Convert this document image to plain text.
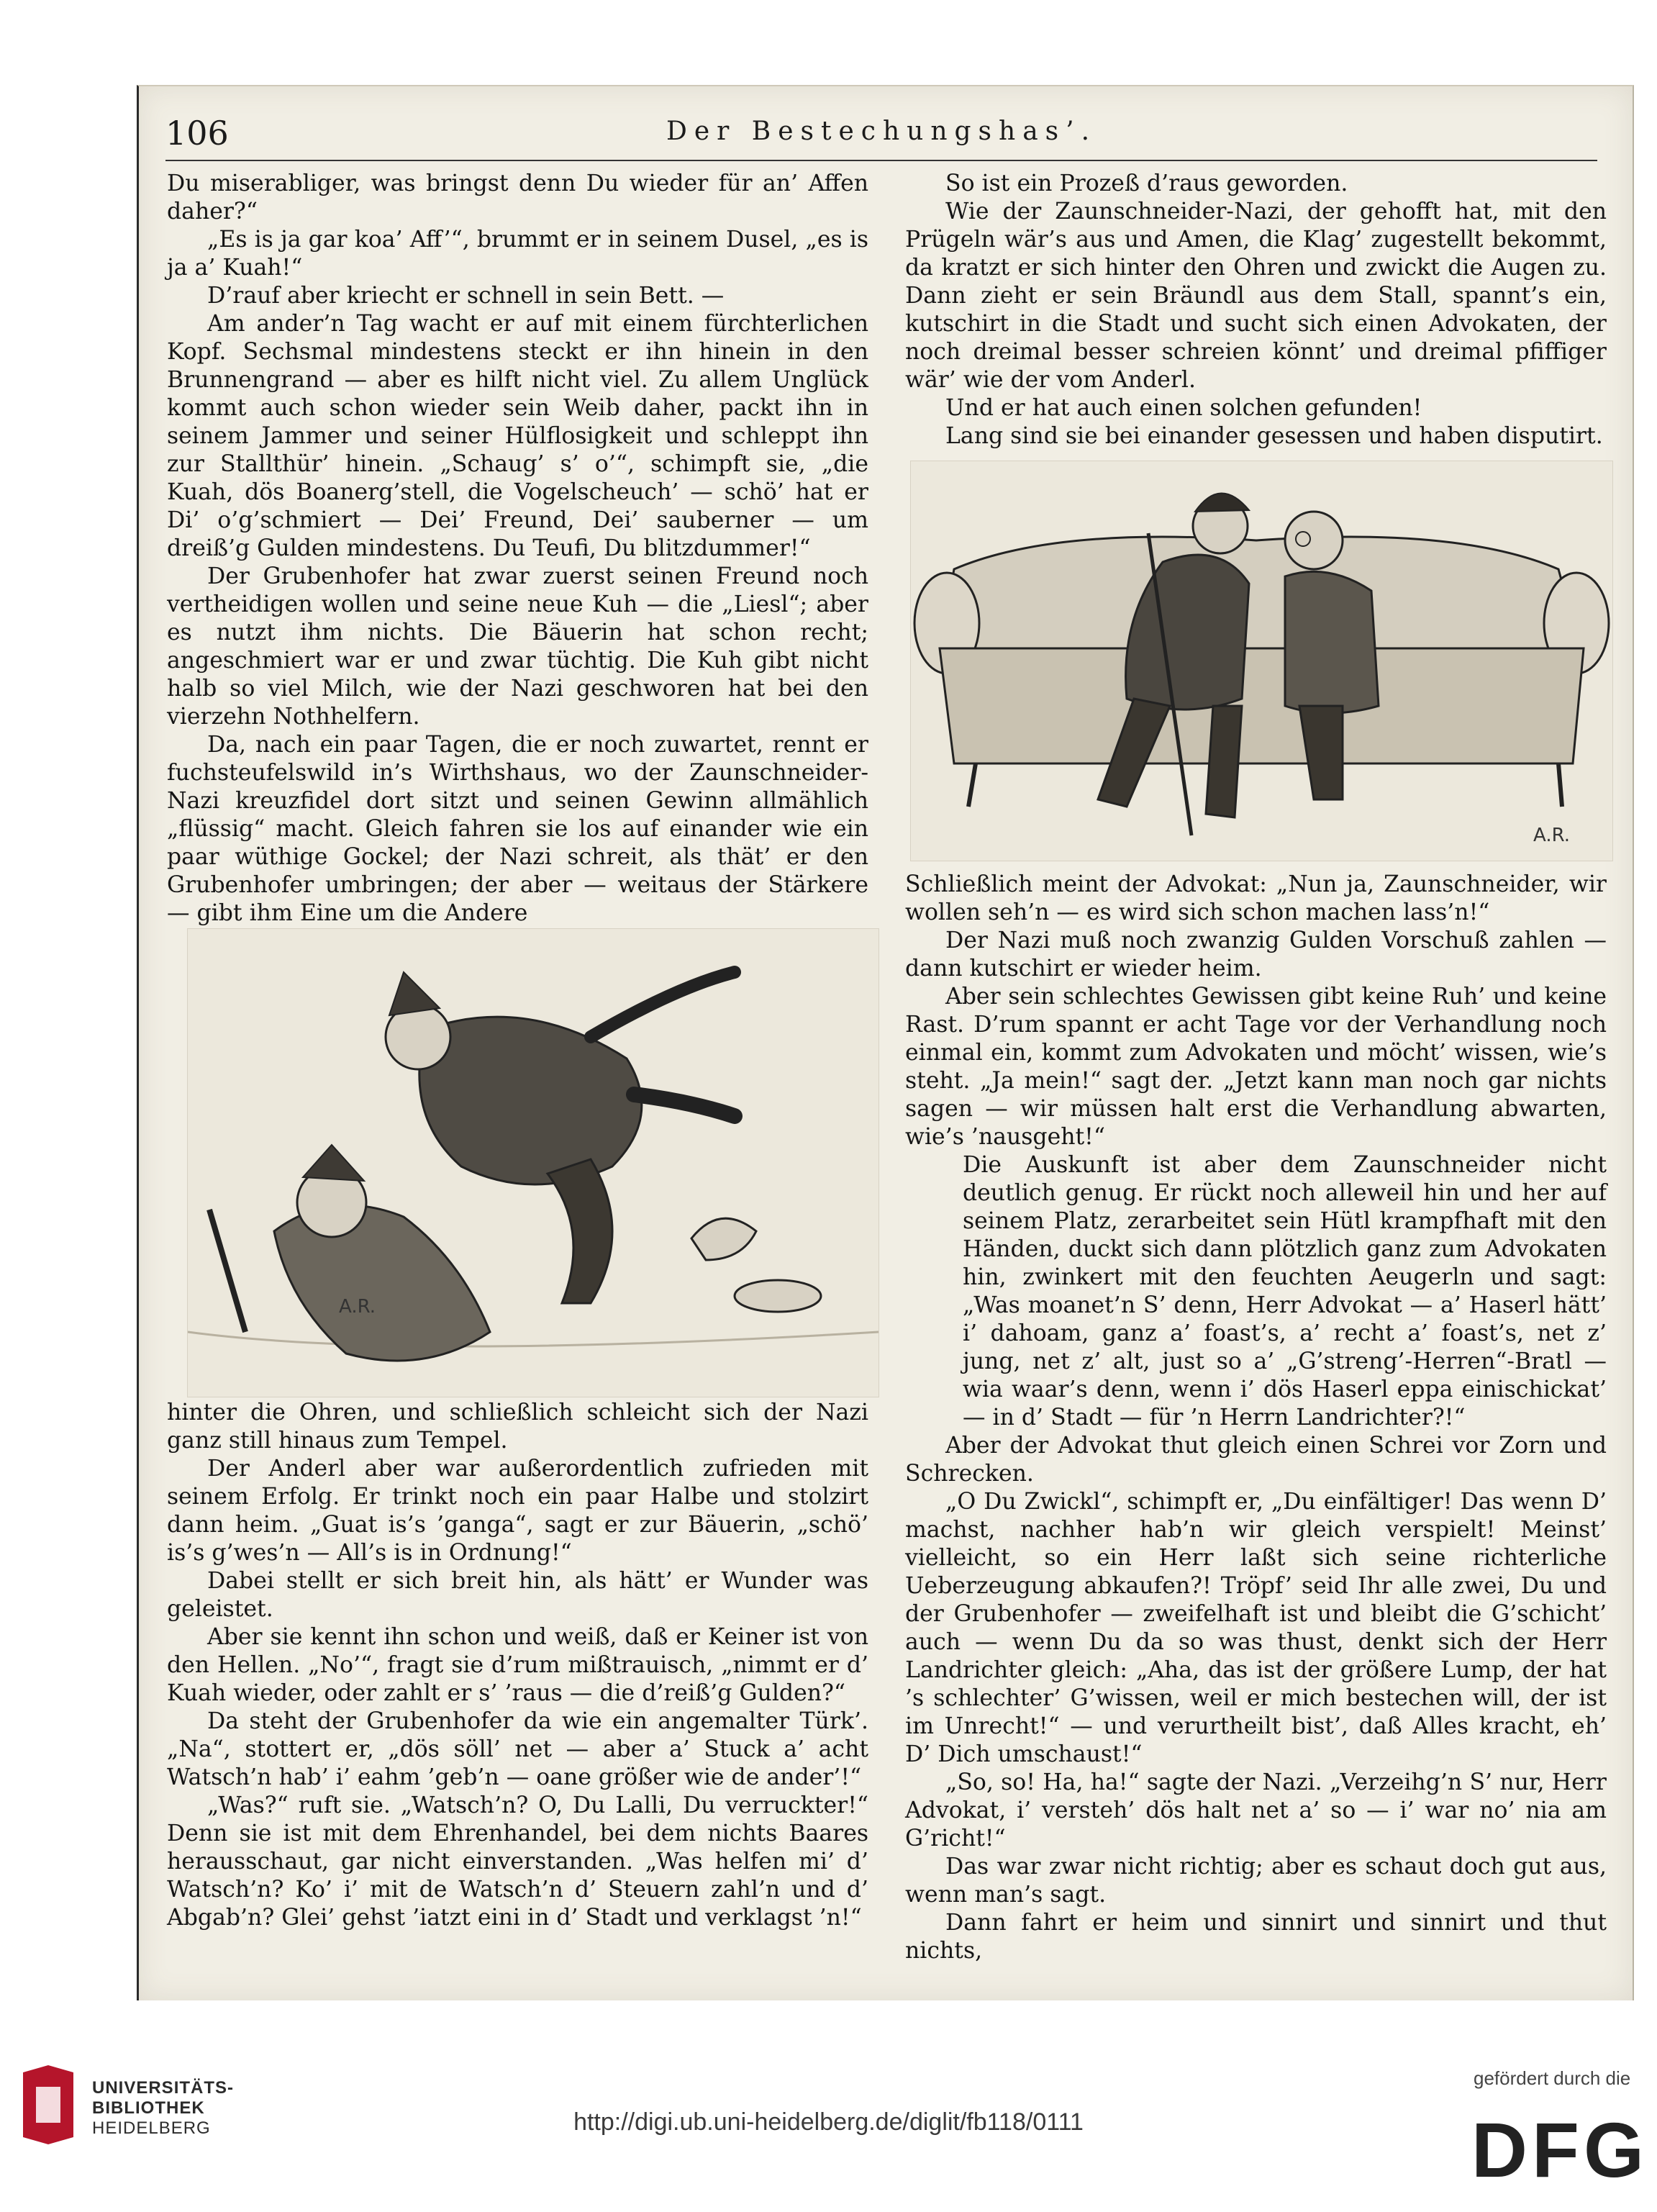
106	Der Bestechungshas’.

Du miserabliger, was bringst denn Du wieder für an’ Affen daher?“

„Es is ja gar koa’ Aff’“, brummt er in seinem Dusel, „es is ja a’ Kuah!“

D’rauf aber kriecht er schnell in sein Bett. —

Am ander’n Tag wacht er auf mit einem fürchterlichen Kopf. Sechsmal mindestens steckt er ihn hinein in den Brunnengrand — aber es hilft nicht viel. Zu allem Unglück kommt auch schon wieder sein Weib daher, packt ihn in seinem Jammer und seiner Hülflosigkeit und schleppt ihn zur Stallthür’ hinein. „Schaug’ s’ o’“, schimpft sie, „die Kuah, dös Boanerg’stell, die Vogelscheuch’ — schö’ hat er Di’ o’g’schmiert — Dei’ Freund, Dei’ sauberner — um dreiß’g Gulden mindestens. Du Teufi, Du blitzdummer!“

Der Grubenhofer hat zwar zuerst seinen Freund noch vertheidigen wollen und seine neue Kuh — die „Liesl“; aber es nutzt ihm nichts. Die Bäuerin hat schon recht; angeschmiert war er und zwar tüchtig. Die Kuh gibt nicht halb so viel Milch, wie der Nazi geschworen hat bei den vierzehn Nothhelfern.

Da, nach ein paar Tagen, die er noch zuwartet, rennt er fuchsteufelswild in’s Wirthshaus, wo der Zaunschneider-Nazi kreuzfidel dort sitzt und seinen Gewinn allmählich „flüssig“ macht. Gleich fahren sie los auf einander wie ein paar wüthige Gockel; der Nazi schreit, als thät’ er den Grubenhofer umbringen; der aber — weitaus der Stärkere — gibt ihm Eine um die Andere

A.R.

hinter die Ohren, und schließlich schleicht sich der Nazi ganz still hinaus zum Tempel.

Der Anderl aber war außerordentlich zufrieden mit seinem Erfolg. Er trinkt noch ein paar Halbe und stolzirt dann heim. „Guat is’s ’ganga“, sagt er zur Bäuerin, „schö’ is’s g’wes’n — All’s is in Ordnung!“

Dabei stellt er sich breit hin, als hätt’ er Wunder was geleistet.

Aber sie kennt ihn schon und weiß, daß er Keiner ist von den Hellen. „No’“, fragt sie d’rum mißtrauisch, „nimmt er d’ Kuah wieder, oder zahlt er s’ ’raus — die d’reiß’g Gulden?“

Da steht der Grubenhofer da wie ein angemalter Türk’. „Na“, stottert er, „dös söll’ net — aber a’ Stuck a’ acht Watsch’n hab’ i’ eahm ’geb’n — oane größer wie de ander’!“

„Was?“ ruft sie. „Watsch’n? O, Du Lalli, Du verruckter!“ Denn sie ist mit dem Ehrenhandel, bei dem nichts Baares herausschaut, gar nicht einverstanden. „Was helfen mi’ d’ Watsch’n? Ko’ i’ mit de Watsch’n d’ Steuern zahl’n und d’ Abgab’n? Glei’ gehst ’iatzt eini in d’ Stadt und verklagst ’n!“

So ist ein Prozeß d’raus geworden.

Wie der Zaunschneider-Nazi, der gehofft hat, mit den Prügeln wär’s aus und Amen, die Klag’ zugestellt bekommt, da kratzt er sich hinter den Ohren und zwickt die Augen zu. Dann zieht er sein Bräundl aus dem Stall, spannt’s ein, kutschirt in die Stadt und sucht sich einen Advokaten, der noch dreimal besser schreien könnt’ und dreimal pfiffiger wär’ wie der vom Anderl.

Und er hat auch einen solchen gefunden!

Lang sind sie bei einander gesessen und haben disputirt.

A.R.

Schließlich meint der Advokat: „Nun ja, Zaunschneider, wir wollen seh’n — es wird sich schon machen lass’n!“

Der Nazi muß noch zwanzig Gulden Vorschuß zahlen — dann kutschirt er wieder heim.

Aber sein schlechtes Gewissen gibt keine Ruh’ und keine Rast. D’rum spannt er acht Tage vor der Verhandlung noch einmal ein, kommt zum Advokaten und möcht’ wissen, wie’s steht. „Ja mein!“ sagt der. „Jetzt kann man noch gar nichts sagen — wir müssen halt erst die Verhandlung abwarten, wie’s ’nausgeht!“

Die Auskunft ist aber dem Zaunschneider nicht deutlich genug. Er rückt noch alleweil hin und her auf seinem Platz, zerarbeitet sein Hütl krampfhaft mit den Händen, duckt sich dann plötzlich ganz zum Advokaten hin, zwinkert mit den feuchten Aeugerln und sagt: „Was moanet’n S’ denn, Herr Advokat — a’ Haserl hätt’ i’ dahoam, ganz a’ foast’s, a’ recht a’ foast’s, net z’ jung, net z’ alt, just so a’ „G’streng’-Herren“-Bratl — wia waar’s denn, wenn i’ dös Haserl eppa einischickat’ — in d’ Stadt — für ’n Herrn Landrichter?!“

Aber der Advokat thut gleich einen Schrei vor Zorn und Schrecken.

„O Du Zwickl“, schimpft er, „Du einfältiger! Das wenn D’ machst, nachher hab’n wir gleich verspielt! Meinst’ vielleicht, so ein Herr laßt sich seine richterliche Ueberzeugung abkaufen?! Tröpf’ seid Ihr alle zwei, Du und der Grubenhofer — zweifelhaft ist und bleibt die G’schicht’ auch — wenn Du da so was thust, denkt sich der Herr Landrichter gleich: „Aha, das ist der größere Lump, der hat ’s schlechter’ G’wissen, weil er mich bestechen will, der ist im Unrecht!“ — und verurtheilt bist’, daß Alles kracht, eh’ D’ Dich umschaust!“

„So, so! Ha, ha!“ sagte der Nazi. „Verzeihg’n S’ nur, Herr Advokat, i’ versteh’ dös halt net a’ so — i’ war no’ nia am G’richt!“

Das war zwar nicht richtig; aber es schaut doch gut aus, wenn man’s sagt.

Dann fahrt er heim und sinnirt und sinnirt und thut nichts,

UNIVERSITÄTS-
BIBLIOTHEK
HEIDELBERG	http://digi.ub.uni-heidelberg.de/diglit/fb118/0111
gefördert durch die
DFG
